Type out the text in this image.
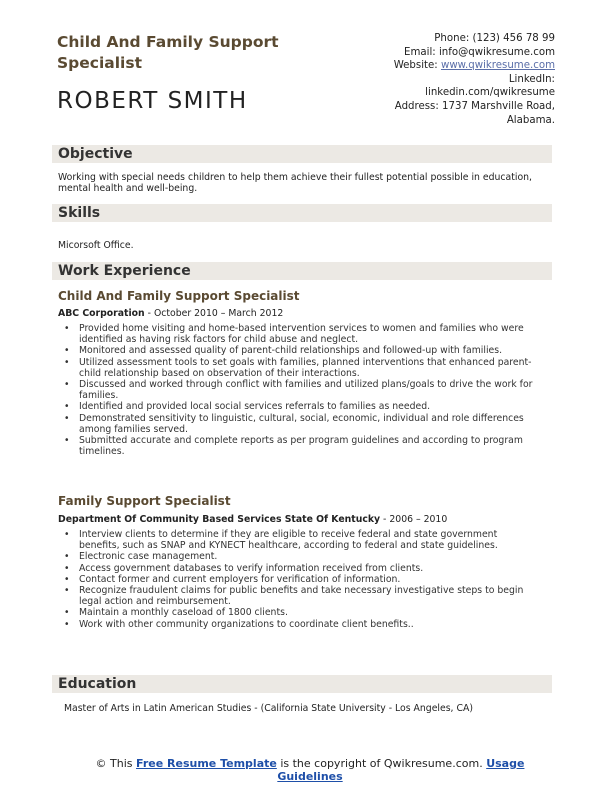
Child And Family Support Specialist
ROBERT SMITH
Phone: (123) 456 78 99
Email: info@qwikresume.com
Website: www.qwikresume.com
LinkedIn:
linkedin.com/qwikresume
Address: 1737 Marshville Road,
Alabama.
Objective
Working with special needs children to help them achieve their fullest potential possible in education, mental health and well-being.
Skills
Micorsoft Office.
Work Experience
Child And Family Support Specialist
ABC Corporation - October 2010 – March 2012
• Provided home visiting and home-based intervention services to women and families who were identified as having risk factors for child abuse and neglect.
• Monitored and assessed quality of parent-child relationships and followed-up with families.
• Utilized assessment tools to set goals with families, planned interventions that enhanced parent-child relationship based on observation of their interactions.
• Discussed and worked through conflict with families and utilized plans/goals to drive the work for families.
• Identified and provided local social services referrals to families as needed.
• Demonstrated sensitivity to linguistic, cultural, social, economic, individual and role differences among families served.
• Submitted accurate and complete reports as per program guidelines and according to program timelines.
Family Support Specialist
Department Of Community Based Services State Of Kentucky - 2006 – 2010
• Interview clients to determine if they are eligible to receive federal and state government benefits, such as SNAP and KYNECT healthcare, according to federal and state guidelines.
• Electronic case management.
• Access government databases to verify information received from clients.
• Contact former and current employers for verification of information.
• Recognize fraudulent claims for public benefits and take necessary investigative steps to begin legal action and reimbursement.
• Maintain a monthly caseload of 1800 clients.
• Work with other community organizations to coordinate client benefits..
Education
Master of Arts in Latin American Studies - (California State University - Los Angeles, CA)
© This Free Resume Template is the copyright of Qwikresume.com. Usage Guidelines
